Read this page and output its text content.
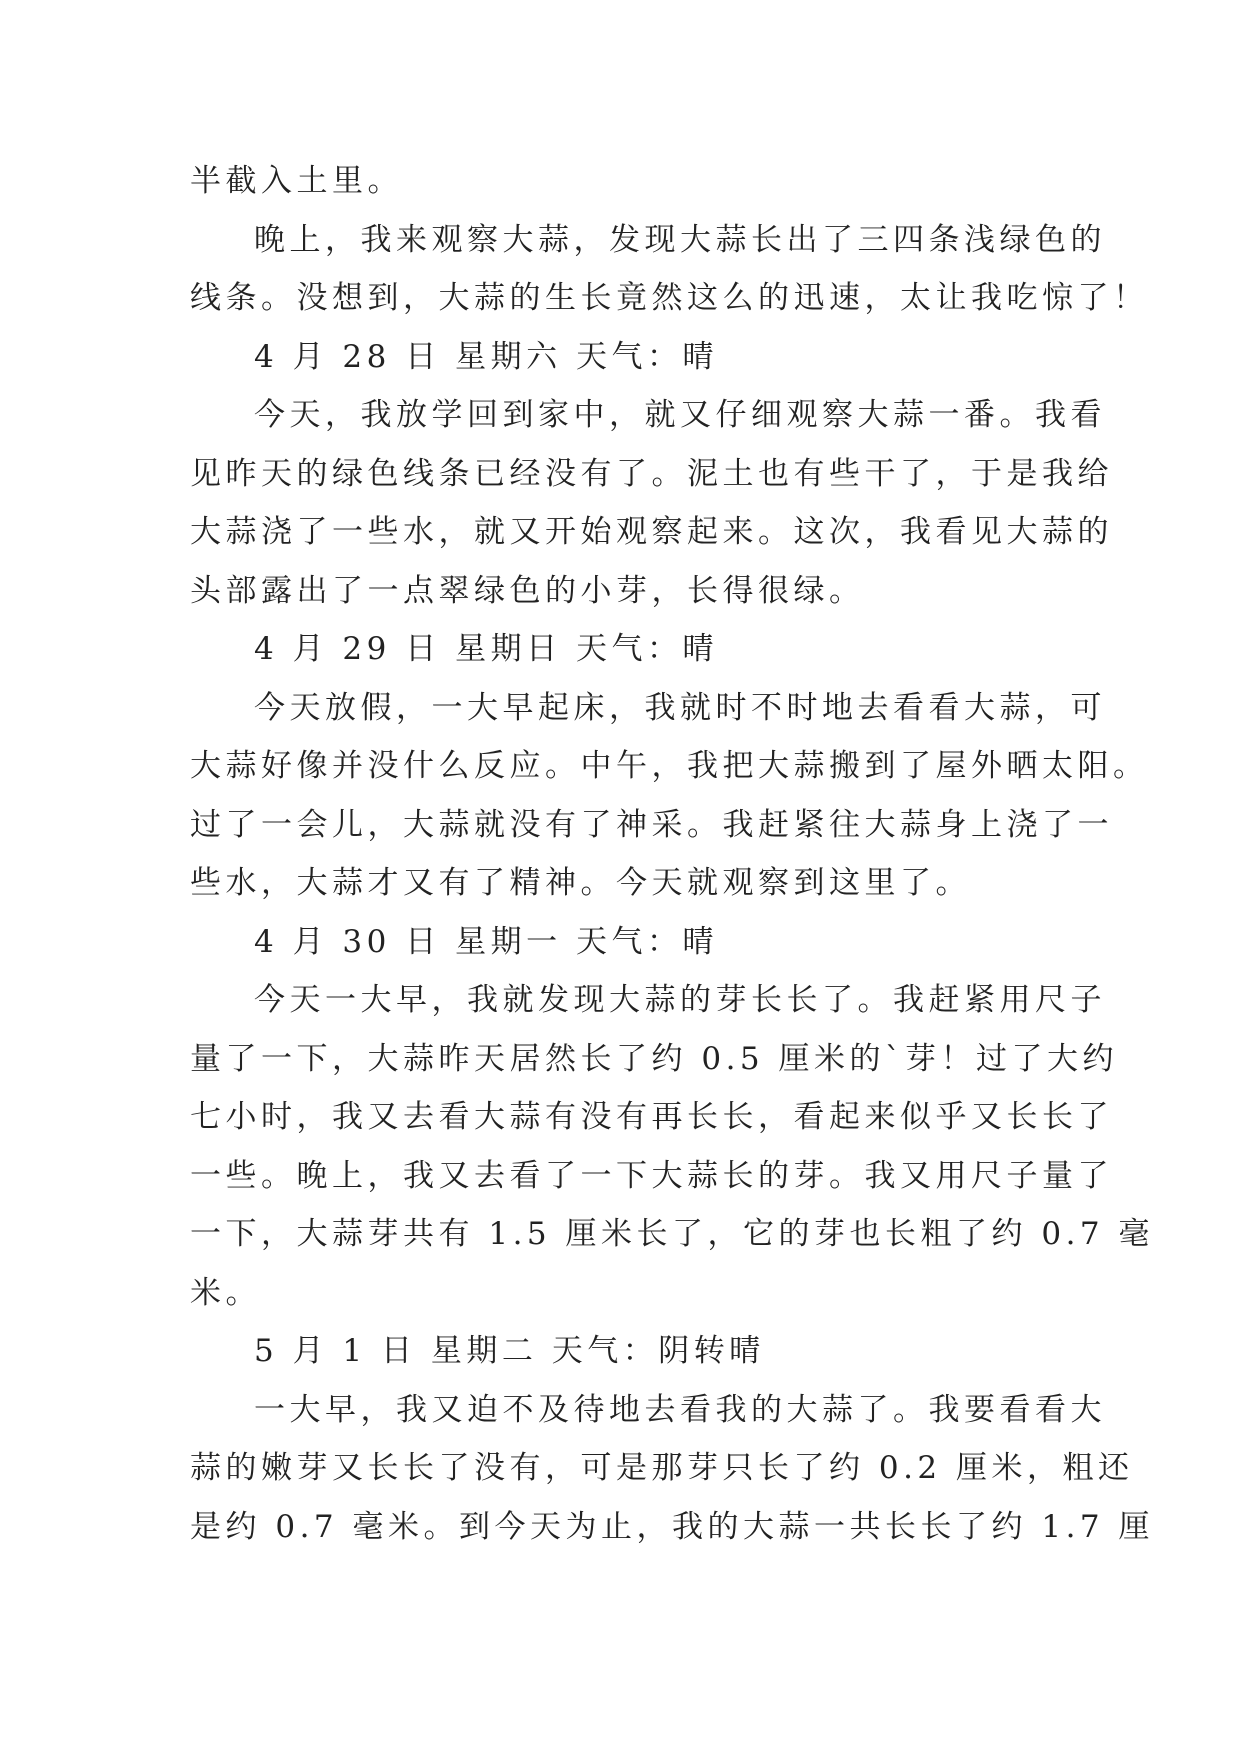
半截入土里。
晚上，我来观察大蒜，发现大蒜长出了三四条浅绿色的
线条。没想到，大蒜的生长竟然这么的迅速，太让我吃惊了！
4 月 28 日 星期六 天气：晴
今天，我放学回到家中，就又仔细观察大蒜一番。我看
见昨天的绿色线条已经没有了。泥土也有些干了，于是我给
大蒜浇了一些水，就又开始观察起来。这次，我看见大蒜的
头部露出了一点翠绿色的小芽，长得很绿。
4 月 29 日 星期日 天气：晴
今天放假，一大早起床，我就时不时地去看看大蒜，可
大蒜好像并没什么反应。中午，我把大蒜搬到了屋外晒太阳。
过了一会儿，大蒜就没有了神采。我赶紧往大蒜身上浇了一
些水，大蒜才又有了精神。今天就观察到这里了。
4 月 30 日 星期一 天气：晴
今天一大早，我就发现大蒜的芽长长了。我赶紧用尺子
量了一下，大蒜昨天居然长了约 0.5 厘米的`芽！过了大约
七小时，我又去看大蒜有没有再长长，看起来似乎又长长了
一些。晚上，我又去看了一下大蒜长的芽。我又用尺子量了
一下，大蒜芽共有 1.5 厘米长了，它的芽也长粗了约 0.7 毫
米。
5 月 1 日 星期二 天气：阴转晴
一大早，我又迫不及待地去看我的大蒜了。我要看看大
蒜的嫩芽又长长了没有，可是那芽只长了约 0.2 厘米，粗还
是约 0.7 毫米。到今天为止，我的大蒜一共长长了约 1.7 厘
